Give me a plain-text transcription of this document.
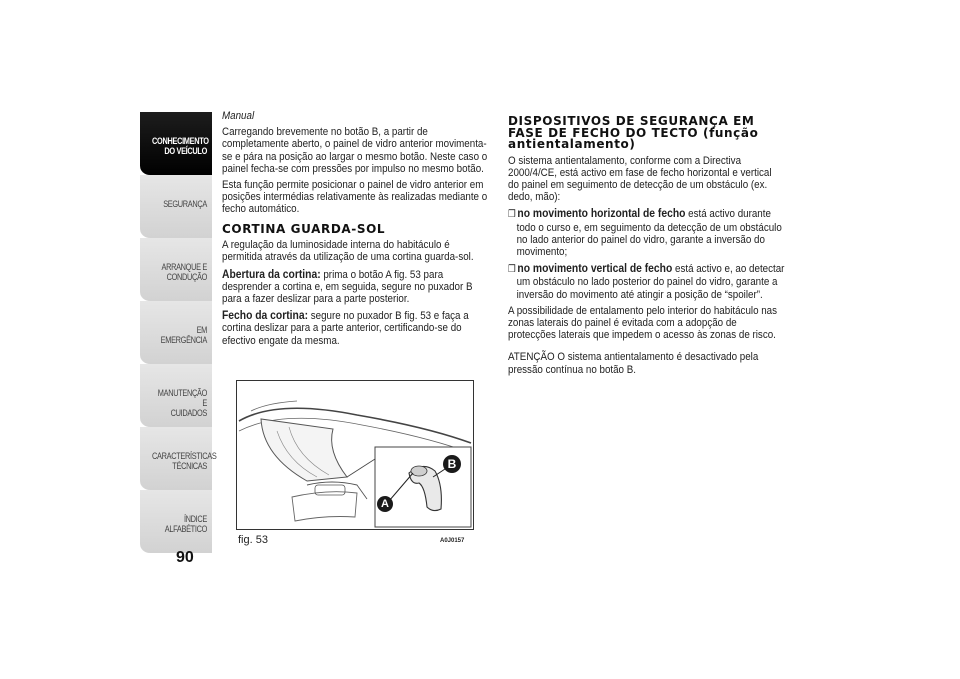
CONHECIMENTO
DO VEÍCULO
SEGURANÇA
ARRANQUE E
CONDUÇÃO
EM EMERGÊNCIA
MANUTENÇÃO E
CUIDADOS
CARACTERÍSTICAS
TÉCNICAS
ÍNDICE ALFABÉTICO
90

Manual

Carregando brevemente no botão B, a partir de completamente aberto, o painel de vidro anterior movimenta-se e pára na posição ao largar o mesmo botão. Neste caso o painel fecha-se com pressões por impulso no mesmo botão.

Esta função permite posicionar o painel de vidro anterior em posições intermédias relativamente às realizadas mediante o fecho automático.

CORTINA GUARDA-SOL

A regulação da luminosidade interna do habitáculo é permitida através da utilização de uma cortina guarda-sol.

Abertura da cortina: prima o botão A fig. 53 para desprender a cortina e, em seguida, segure no puxador B para a fazer deslizar para a parte posterior.

Fecho da cortina: segure no puxador B fig. 53 e faça a cortina deslizar para a parte anterior, certificando-se do efectivo engate da mesma.

DISPOSITIVOS DE SEGURANÇA EM
FASE DE FECHO DO TECTO (função
antientalamento)

O sistema antientalamento, conforme com a Directiva 2000/4/CE, está activo em fase de fecho horizontal e vertical do painel em seguimento de detecção de um obstáculo (ex. dedo, mão):

❒ no movimento horizontal de fecho está activo durante todo o curso e, em seguimento da detecção de um obstáculo no lado anterior do painel do vidro, garante a inversão do movimento;

❒ no movimento vertical de fecho está activo e, ao detectar um obstáculo no lado posterior do painel do vidro, garante a inversão do movimento até atingir a posição de “spoiler”.

A possibilidade de entalamento pelo interior do habitáculo nas zonas laterais do painel é evitada com a adopção de protecções laterais que impedem o acesso às zonas de risco.

ATENÇÃO O sistema antientalamento é desactivado pela pressão contínua no botão B.

A
B
fig. 53	A0J0157
